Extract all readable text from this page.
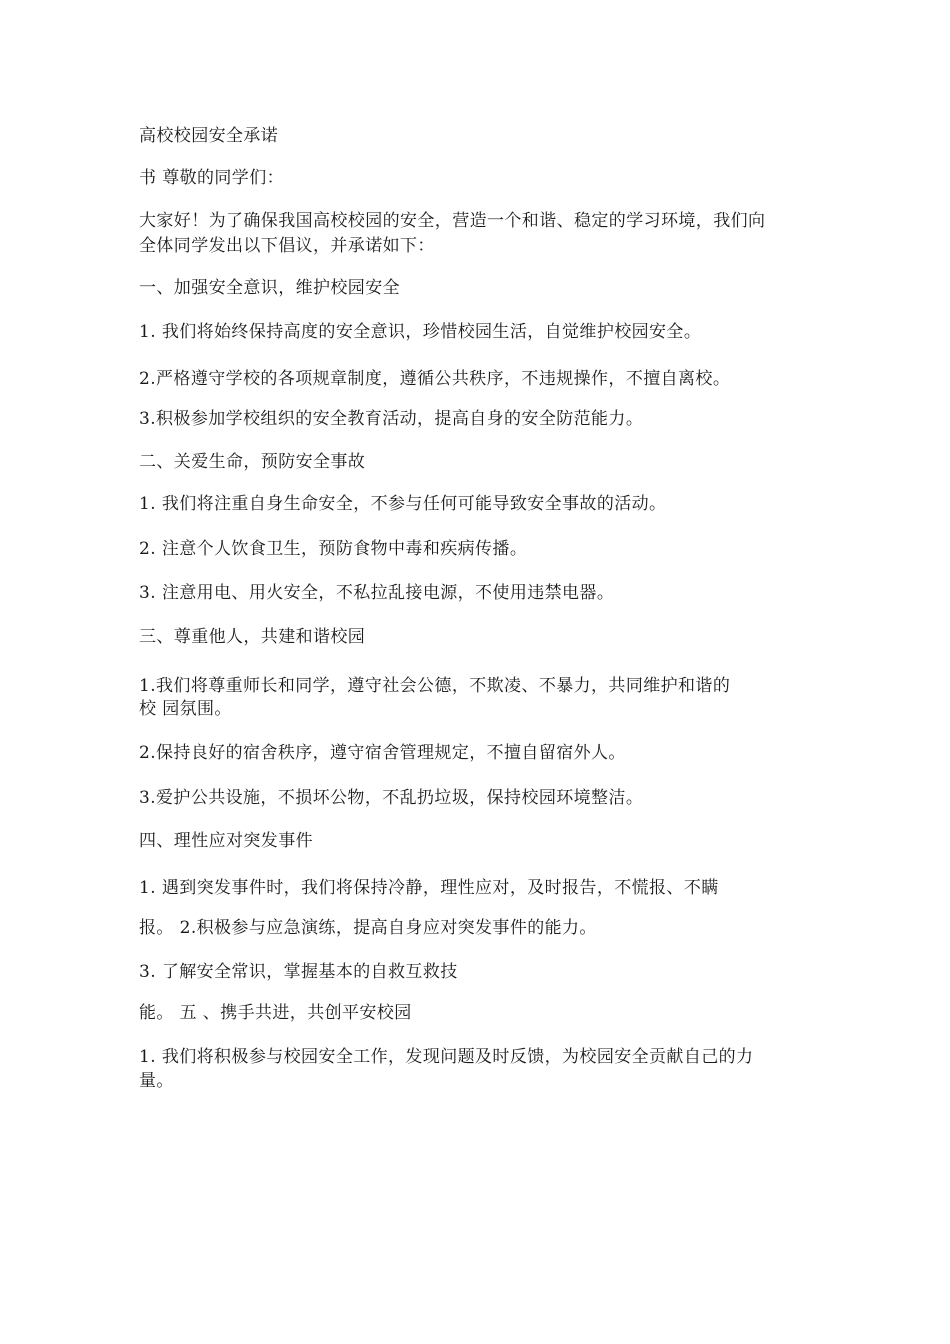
高校校园安全承诺
书 尊敬的同学们：
大家好！为了确保我国高校校园的安全，营造一个和谐、稳定的学习环境，我们向
全体同学发出以下倡议，并承诺如下：
一、加强安全意识，维护校园安全
1. 我们将始终保持高度的安全意识，珍惜校园生活，自觉维护校园安全。
2.严格遵守学校的各项规章制度，遵循公共秩序，不违规操作，不擅自离校。
3.积极参加学校组织的安全教育活动，提高自身的安全防范能力。
二、关爱生命，预防安全事故
1. 我们将注重自身生命安全，不参与任何可能导致安全事故的活动。
2. 注意个人饮食卫生，预防食物中毒和疾病传播。
3. 注意用电、用火安全，不私拉乱接电源，不使用违禁电器。
三、尊重他人，共建和谐校园
1.我们将尊重师长和同学，遵守社会公德，不欺凌、不暴力，共同维护和谐的
校 园氛围。
2.保持良好的宿舍秩序，遵守宿舍管理规定，不擅自留宿外人。
3.爱护公共设施，不损坏公物，不乱扔垃圾，保持校园环境整洁。
四、理性应对突发事件
1. 遇到突发事件时，我们将保持冷静，理性应对，及时报告，不慌报、不瞒
报。 2.积极参与应急演练，提高自身应对突发事件的能力。
3. 了解安全常识，掌握基本的自救互救技
能。 五 、携手共进，共创平安校园
1. 我们将积极参与校园安全工作，发现问题及时反馈，为校园安全贡献自己的力
量。
